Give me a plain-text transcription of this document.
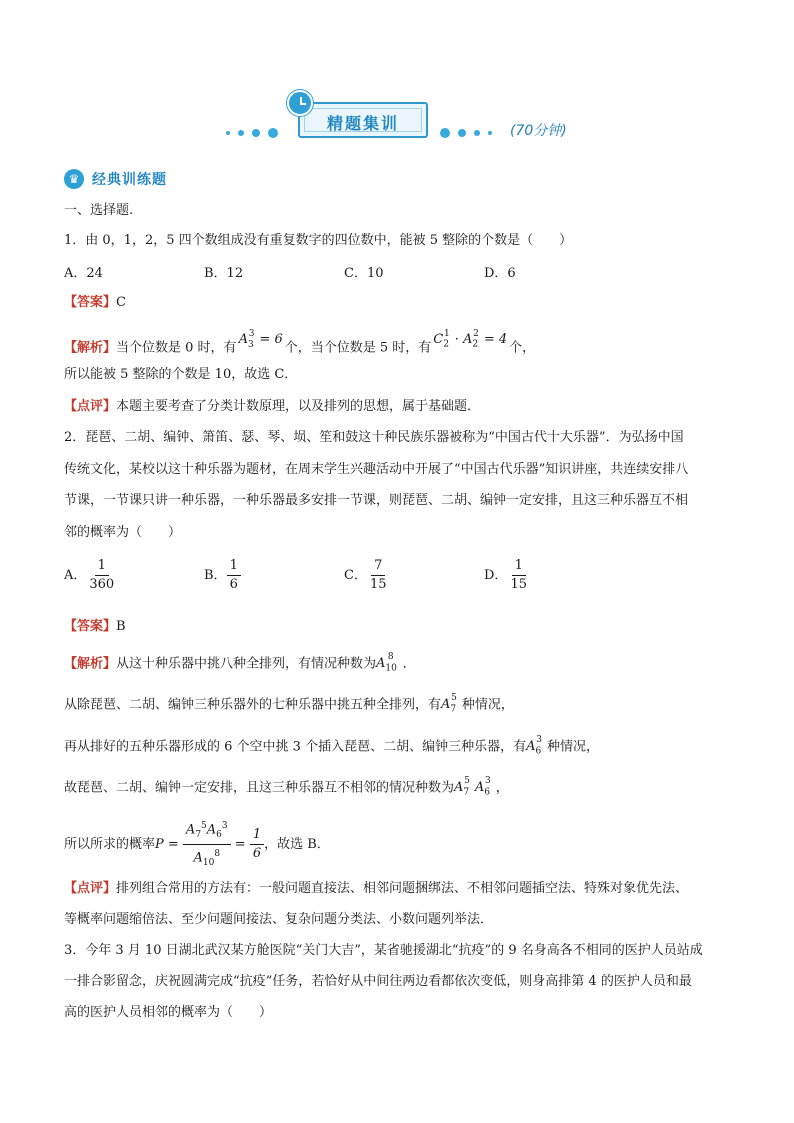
精题集训	(70分钟)
♛ 经典训练题
一、选择题.
1．由 0，1，2，5 四个数组成没有重复数字的四位数中，能被 5 整除的个数是（　　）
A．24	B．12	C．10	D．6
【答案】C
【解析】当个位数是 0 时，有$A_3^3 = 6$个，当个位数是 5 时，有$C_2^1 \cdot A_2^2 = 4$个，
所以能被 5 整除的个数是 10，故选 C．
【点评】本题主要考查了分类计数原理，以及排列的思想，属于基础题．
2．琵琶、二胡、编钟、箫笛、瑟、琴、埙、笙和鼓这十种民族乐器被称为“中国古代十大乐器”．为弘扬中国
传统文化，某校以这十种乐器为题材，在周末学生兴趣活动中开展了“中国古代乐器”知识讲座，共连续安排八
节课，一节课只讲一种乐器，一种乐器最多安排一节课，则琵琶、二胡、编钟一定安排，且这三种乐器互不相
邻的概率为（　　）
A． $\frac{1}{360}$	B． $\frac{1}{6}$	C． $\frac{7}{15}$	D． $\frac{1}{15}$
【答案】B
【解析】从这十种乐器中挑八种全排列，有情况种数为$A_{10}^8$ ．
从除琵琶、二胡、编钟三种乐器外的七种乐器中挑五种全排列，有$A_7^5$ 种情况，
再从排好的五种乐器形成的 6 个空中挑 3 个插入琵琶、二胡、编钟三种乐器，有$A_6^3$ 种情况，
故琵琶、二胡、编钟一定安排，且这三种乐器互不相邻的情况种数为$A_7^5$ $A_6^3$ ，
所以所求的概率$P = \frac{A_7^5A_6^3}{A_{10}^8} = \frac{1}{6}$ ，故选 B．
【点评】排列组合常用的方法有：一般问题直接法、相邻问题捆绑法、不相邻问题插空法、特殊对象优先法、
等概率问题缩倍法、至少问题间接法、复杂问题分类法、小数问题列举法．
3．今年 3 月 10 日湖北武汉某方舱医院“关门大吉”，某省驰援湖北“抗疫”的 9 名身高各不相同的医护人员站成
一排合影留念，庆祝圆满完成“抗疫”任务，若恰好从中间往两边看都依次变低，则身高排第 4 的医护人员和最
高的医护人员相邻的概率为（　　）
